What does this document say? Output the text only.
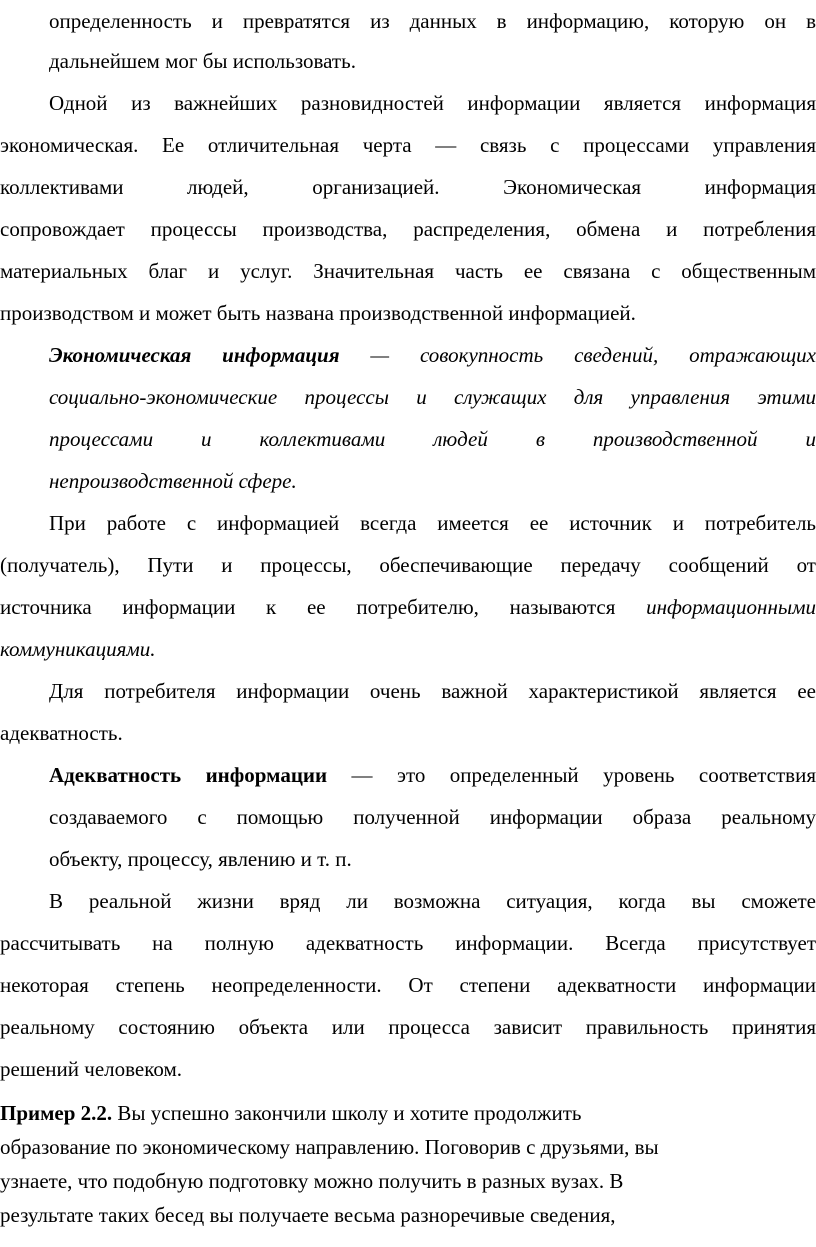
определенность и превратятся из данных в информацию, которую он в
дальнейшем мог бы использовать.
Одной из важнейших разновидностей информации является информация
экономическая. Ее отличительная черта — связь с процессами управления
коллективами людей, организацией. Экономическая информация
сопровождает процессы производства, распределения, обмена и потребления
материальных благ и услуг. Значительная часть ее связана с общественным
производством и может быть названа производственной информацией.
Экономическая информация — совокупность сведений, отражающих
социально-экономические процессы и служащих для управления этими
процессами и коллективами людей в производственной и
непроизводственной сфере.
При работе с информацией всегда имеется ее источник и потребитель
(получатель), Пути и процессы, обеспечивающие передачу сообщений от
источника информации к ее потребителю, называются информационными
коммуникациями.
Для потребителя информации очень важной характеристикой является ее
адекватность.
Адекватность информации — это определенный уровень соответствия
создаваемого с помощью полученной информации образа реальному
объекту, процессу, явлению и т. п.
В реальной жизни вряд ли возможна ситуация, когда вы сможете
рассчитывать на полную адекватность информации. Всегда присутствует
некоторая степень неопределенности. От степени адекватности информации
реальному состоянию объекта или процесса зависит правильность принятия
решений человеком.
Пример 2.2. Вы успешно закончили школу и хотите продолжить
образование по экономическому направлению. Поговорив с друзьями, вы
узнаете, что подобную подготовку можно получить в разных вузах. В
результате таких бесед вы получаете весьма разноречивые сведения,
